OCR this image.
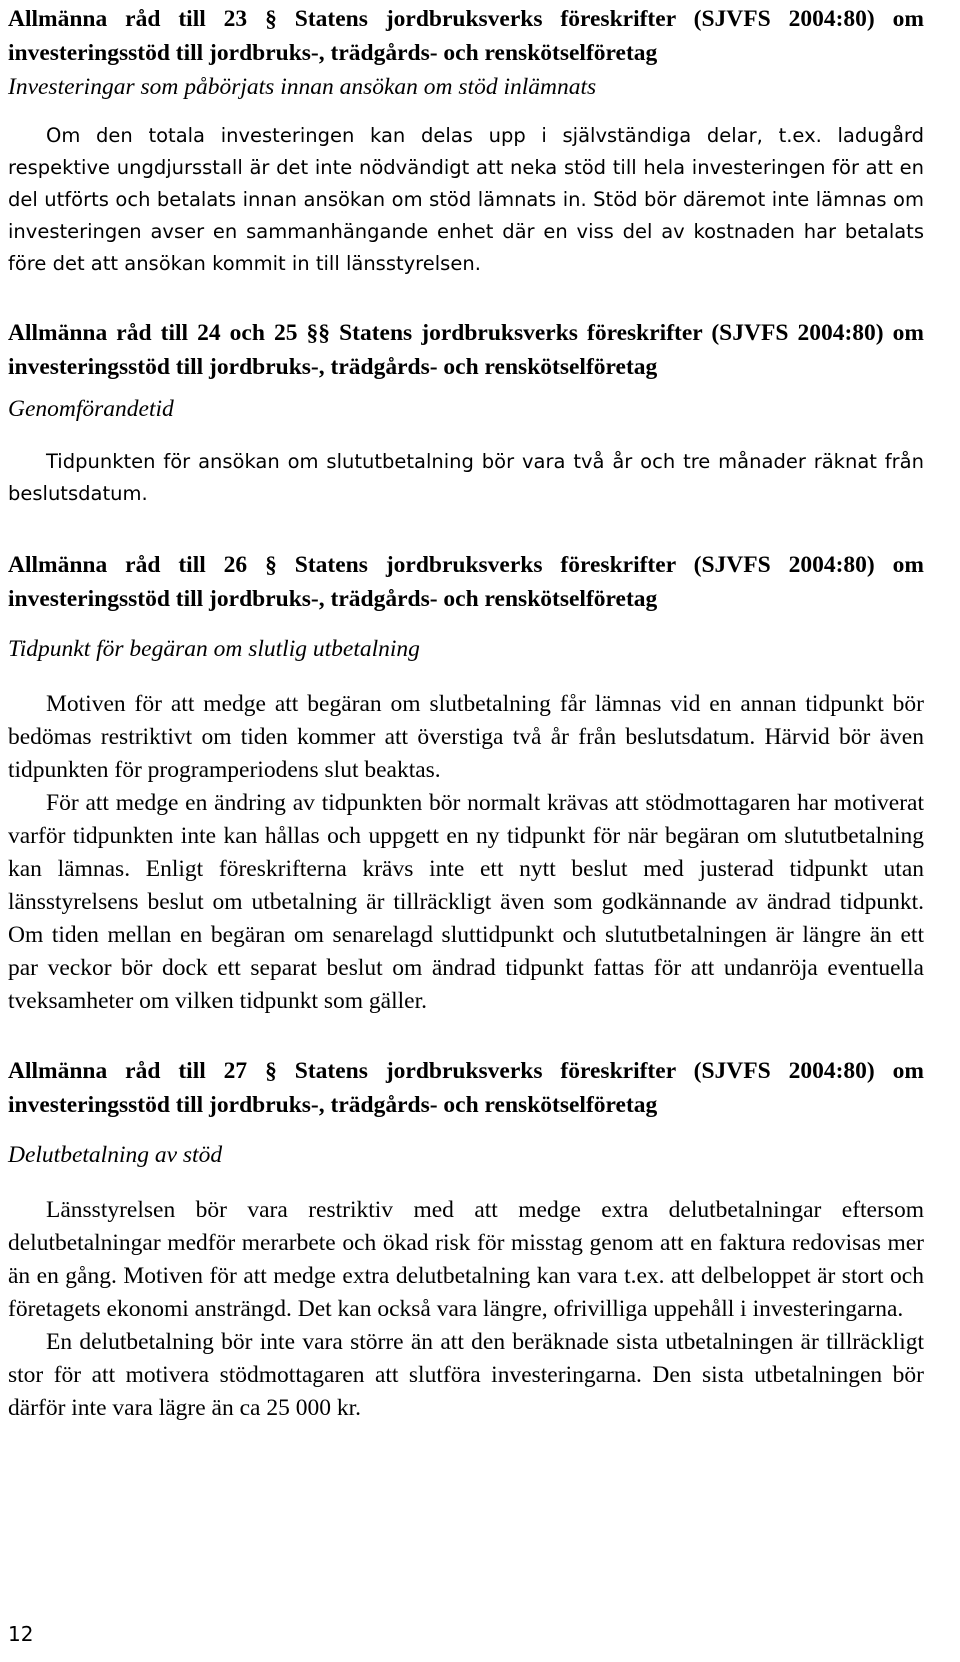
Allmänna råd till 23 § Statens jordbruksverks föreskrifter (SJVFS 2004:80) om investeringsstöd till jordbruks-, trädgårds- och renskötselföretag

Investeringar som påbörjats innan ansökan om stöd inlämnats

Om den totala investeringen kan delas upp i självständiga delar, t.ex. ladugård respektive ungdjursstall är det inte nödvändigt att neka stöd till hela investeringen för att en del utförts och betalats innan ansökan om stöd lämnats in. Stöd bör däremot inte lämnas om investeringen avser en sammanhängande enhet där en viss del av kostnaden har betalats före det att ansökan kommit in till länsstyrelsen.

Allmänna råd till 24 och 25 §§ Statens jordbruksverks föreskrifter (SJVFS 2004:80) om investeringsstöd till jordbruks-, trädgårds- och renskötselföretag

Genomförandetid

Tidpunkten för ansökan om slututbetalning bör vara två år och tre månader räknat från beslutsdatum.

Allmänna råd till 26 § Statens jordbruksverks föreskrifter (SJVFS 2004:80) om investeringsstöd till jordbruks-, trädgårds- och renskötselföretag

Tidpunkt för begäran om slutlig utbetalning

Motiven för att medge att begäran om slutbetalning får lämnas vid en annan tidpunkt bör bedömas restriktivt om tiden kommer att överstiga två år från beslutsdatum. Härvid bör även tidpunkten för programperiodens slut beaktas.

För att medge en ändring av tidpunkten bör normalt krävas att stödmottagaren har motiverat varför tidpunkten inte kan hållas och uppgett en ny tidpunkt för när begäran om slututbetalning kan lämnas. Enligt föreskrifterna krävs inte ett nytt beslut med justerad tidpunkt utan länsstyrelsens beslut om utbetalning är tillräckligt även som godkännande av ändrad tidpunkt. Om tiden mellan en begäran om senarelagd sluttidpunkt och slututbetalningen är längre än ett par veckor bör dock ett separat beslut om ändrad tidpunkt fattas för att undanröja eventuella tveksamheter om vilken tidpunkt som gäller.

Allmänna råd till 27 § Statens jordbruksverks föreskrifter (SJVFS 2004:80) om investeringsstöd till jordbruks-, trädgårds- och renskötselföretag

Delutbetalning av stöd

Länsstyrelsen bör vara restriktiv med att medge extra delutbetalningar eftersom delutbetalningar medför merarbete och ökad risk för misstag genom att en faktura redovisas mer än en gång. Motiven för att medge extra delutbetalning kan vara t.ex. att delbeloppet är stort och företagets ekonomi ansträngd. Det kan också vara längre, ofrivilliga uppehåll i investeringarna.

En delutbetalning bör inte vara större än att den beräknade sista utbetalningen är tillräckligt stor för att motivera stödmottagaren att slutföra investeringarna. Den sista utbetalningen bör därför inte vara lägre än ca 25 000 kr.

12
